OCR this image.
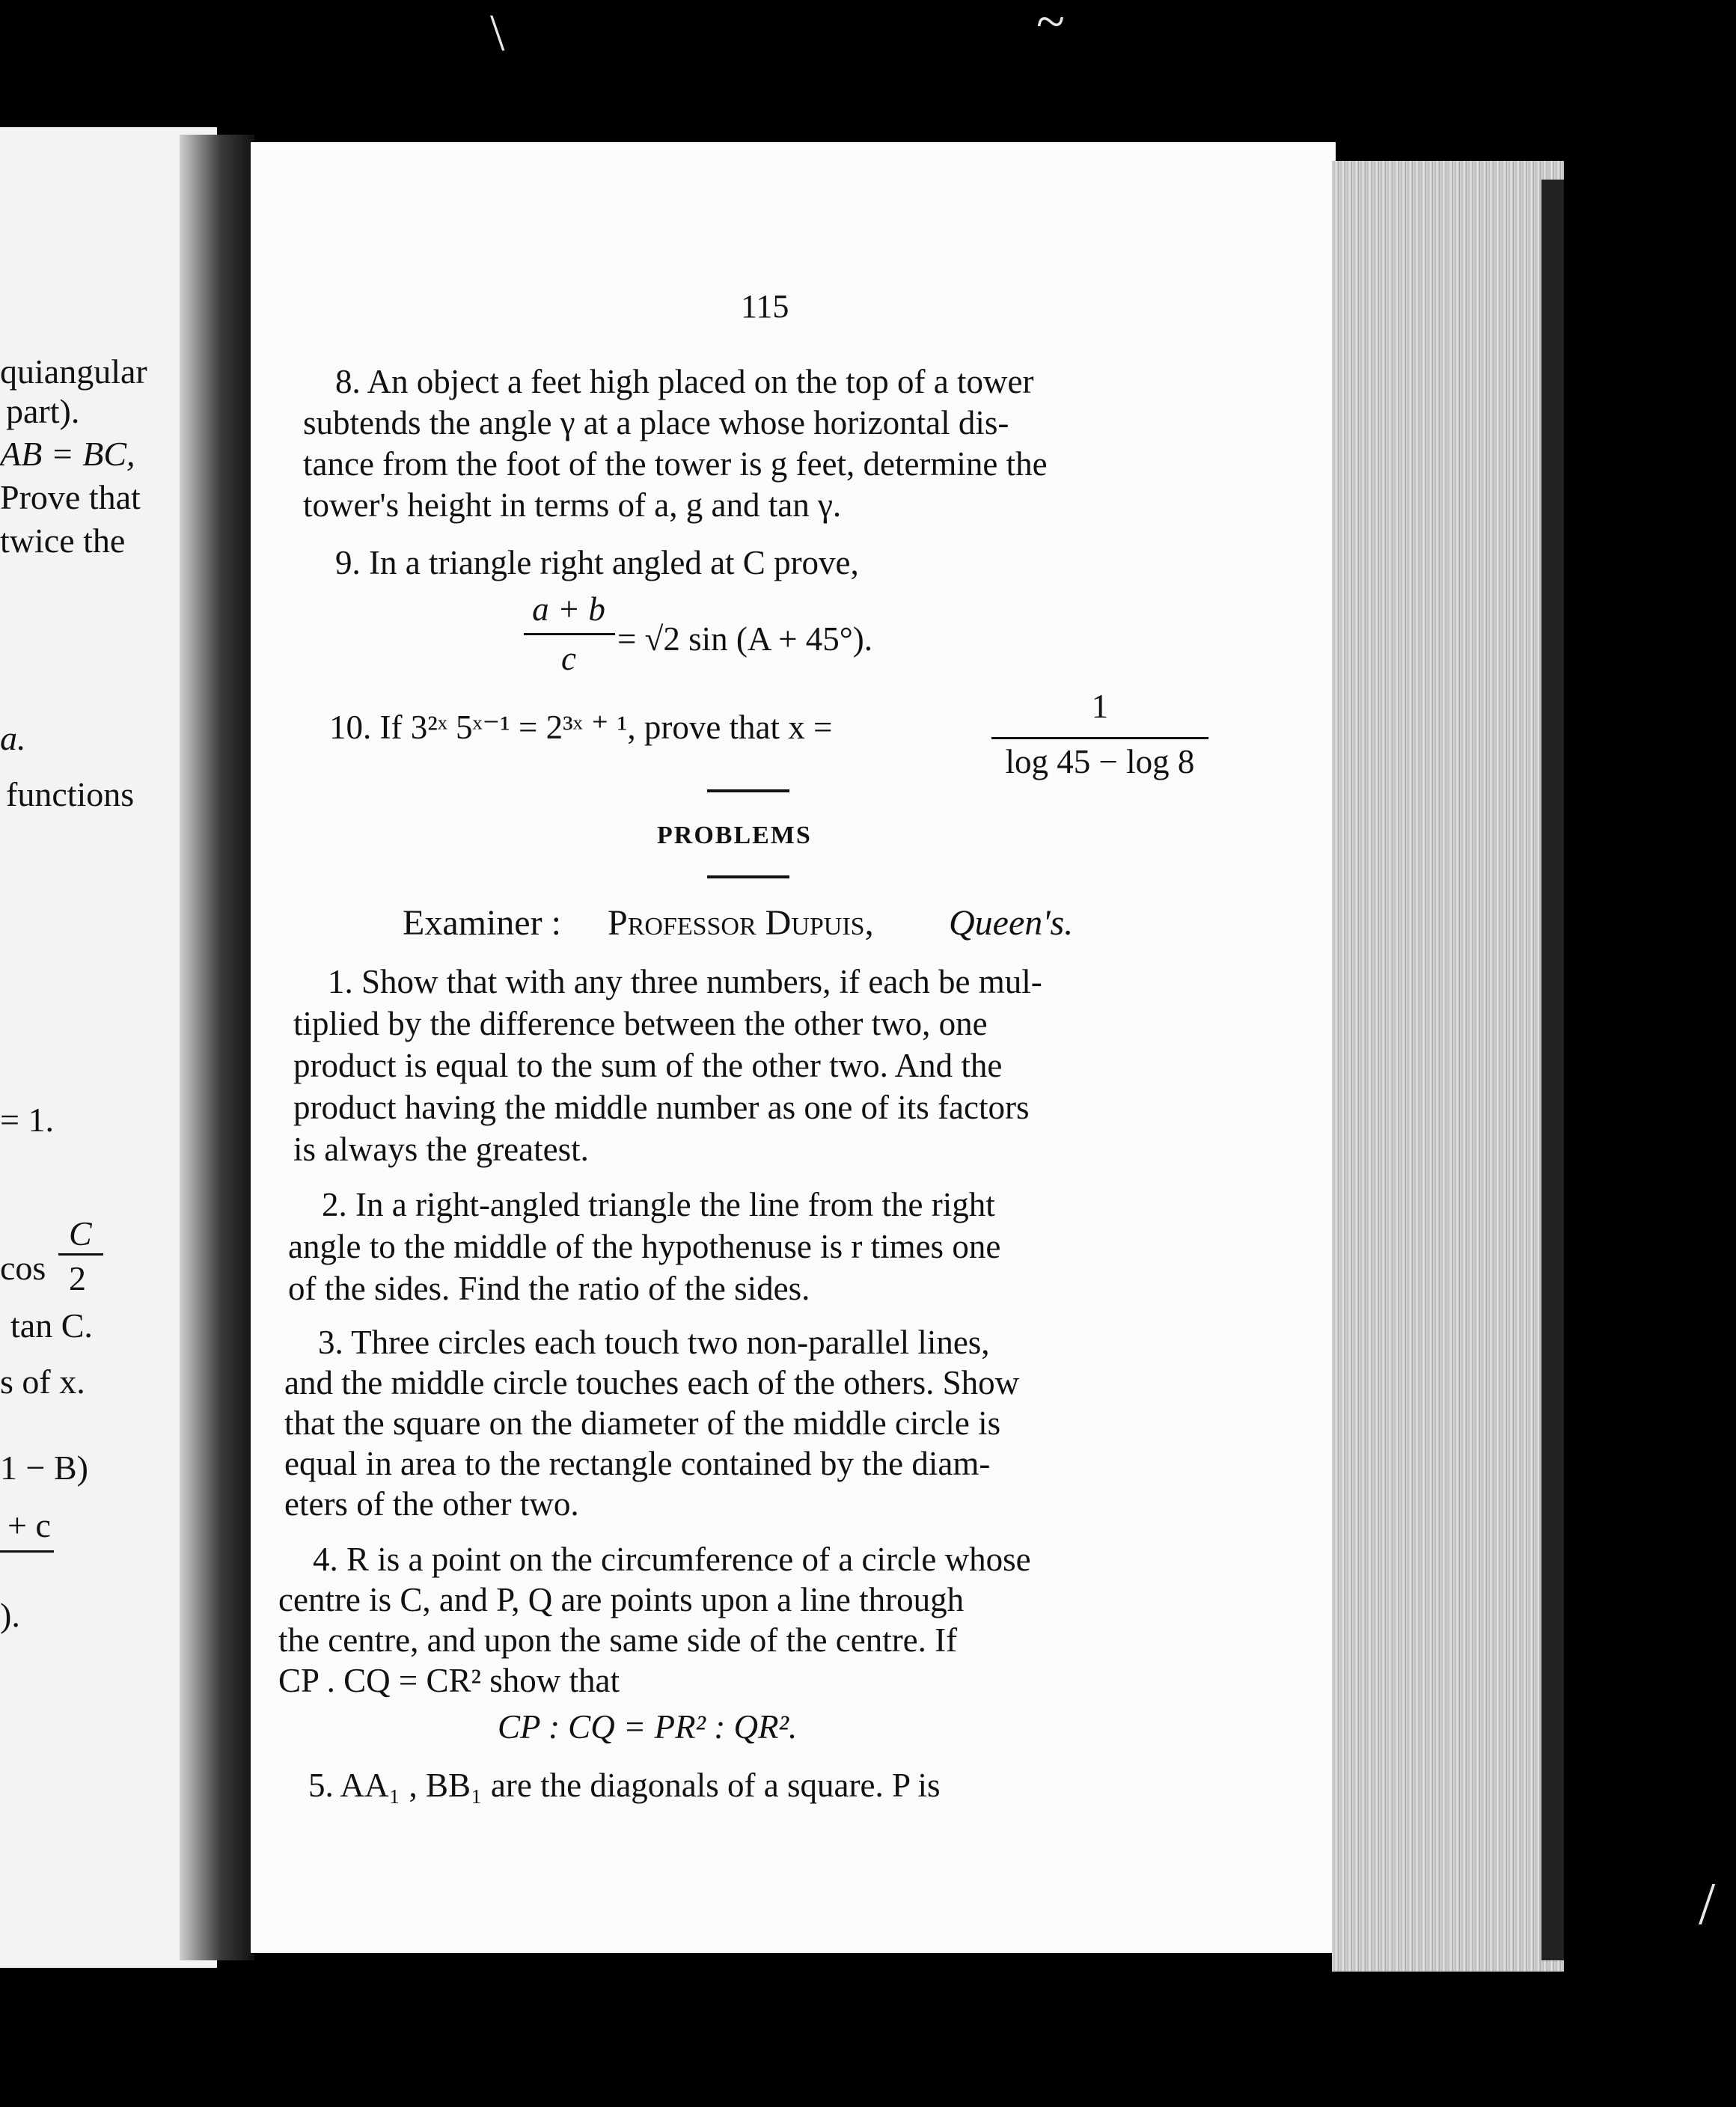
quiangular
part).
AB = BC,
Prove that
twice the
a.
functions
= 1.
cos
C
2
tan C.
s of x.
1 − B)
+ c
).
115
8. An object a feet high placed on the top of a tower
subtends the angle γ at a place whose horizontal dis-
tance from the foot of the tower is g feet, determine the
tower's height in terms of a, g and tan γ.
9. In a triangle right angled at C prove,
a + b
c
= √2 sin (A + 45°).
10. If 3²ˣ 5ˣ⁻¹ = 2³ˣ ⁺ ¹, prove that x =
1
log 45 − log 8
PROBLEMS
Examiner : Professor Dupuis, Queen's.
1. Show that with any three numbers, if each be mul-
tiplied by the difference between the other two, one
product is equal to the sum of the other two. And the
product having the middle number as one of its factors
is always the greatest.
2. In a right-angled triangle the line from the right
angle to the middle of the hypothenuse is r times one
of the sides. Find the ratio of the sides.
3. Three circles each touch two non-parallel lines,
and the middle circle touches each of the others. Show
that the square on the diameter of the middle circle is
equal in area to the rectangle contained by the diam-
eters of the other two.
4. R is a point on the circumference of a circle whose
centre is C, and P, Q are points upon a line through
the centre, and upon the same side of the centre. If
CP . CQ = CR² show that
CP : CQ = PR² : QR².
5. AA₁ , BB₁ are the diagonals of a square. P is
\	~
/
